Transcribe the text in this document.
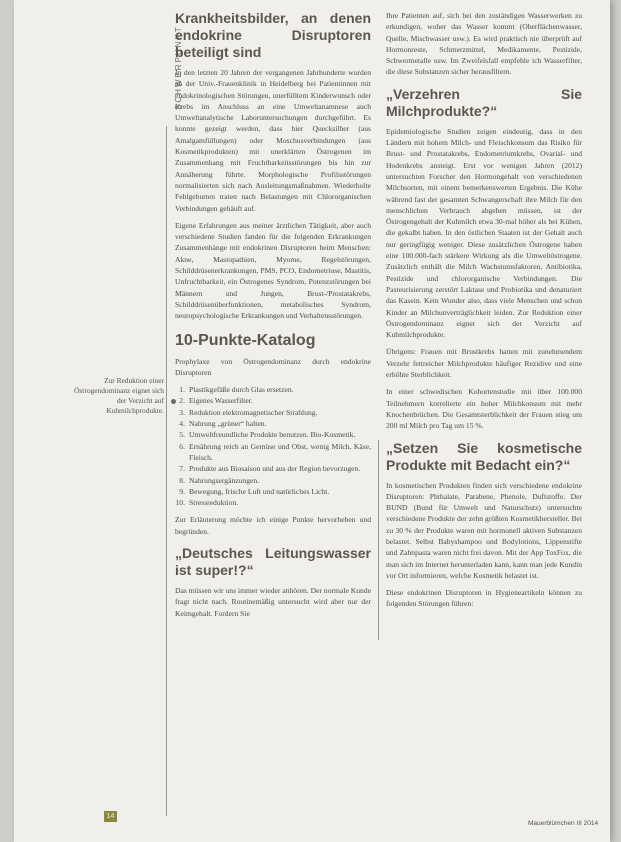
SCHWERPUNKT
Zur Reduktion einer Östrogendominanz eignet sich der Verzicht auf Kuhmilchprodukte.
Krankheitsbilder, an denen endokrine Disruptoren beteiligt sind

In den letzten 20 Jahren der vergangenen Jahrhunderte wurden an der Univ.-Frauenklinik in Heidelberg bei Patientinnen mit endokrinologischen Störungen, unerfülltem Kinderwunsch oder Krebs im Anschluss an eine Umweltanamnese auch Umweltanalytische Laboruntersuchungen durchgeführt. Es konnte gezeigt werden, dass hier Quecksilber (aus Amalgamfüllungen) oder Moschusverbindungen (aus Kosmetikprodukten) mit unerklärten Östrogenen im Zusammenhang mit Fruchtbarkeitsstörungen bis hin zur Annäherung führte. Morphologische Profilsstörungen normalisierten sich nach Ausleitungsmaßnahmen. Wiederholte Fehlgeburten traten nach Belastungen mit Chlororganischen Verbindungen gehäuft auf.

Eigene Erfahrungen aus meiner ärztlichen Tätigkeit, aber auch verschiedene Studien fanden für die folgenden Erkrankungen Zusammenhänge mit endokrinen Disruptoren beim Menschen: Akne, Mastopathien, Myome, Regelstörungen, Schilddrüsenerkrankungen, PMS, PCO, Endometriose, Mastitis, Unfruchtbarkeit, ein Östrogenes Syndrom, Potenzstörungen bei Männern und Jungen, Brust-/Prostatakrebs, Schilddrüsenüberfunktionen, metabolisches Syndrom, neuropsychologische Erkrankungen und Verhaltensstörungen.

10-Punkte-Katalog

Prophylaxe von Östrogendominanz durch endokrine Disruptoren

1. Plastikgefäße durch Glas ersetzen.
2. Eigenes Wasserfilter.
3. Reduktion elektromagnetischer Strahlung.
4. Nahrung „grüner“ halten.
5. Umweltfreundliche Produkte benutzen. Bio-Kosmetik.
6. Ernährung reich an Gemüse und Obst, wenig Milch, Käse, Fleisch.
7. Produkte aus Biosaison und aus der Region bevorzugen.
8. Nahrungsergänzungen.
9. Bewegung, frische Luft und natürliches Licht.
10. Stressreduktion.

Zur Erläuterung möchte ich einige Punkte hervorheben und begründen.

„Deutsches Leitungswasser ist super!?“

Das müssen wir uns immer wieder anhören. Der normale Kunde fragt nicht nach. Routinemäßig untersucht wird aber nur der Keimgehalt. Fordern Sie

Ihre Patienten auf, sich bei den zuständigen Wasserwerken zu erkundigen, woher das Wasser kommt (Oberflächenwasser, Quelle, Mischwasser usw.). Es wird praktisch nie überprüft auf Hormonreste, Schmerzmittel, Medikamente, Pestizide, Schwermetalle usw. Im Zweifelsfall empfehle ich Wasserfilter, die diese Substanzen sicher herausfiltern.

„Verzehren Sie Milchprodukte?“

Epidemiologische Studien zeigen eindeutig, dass in den Ländern mit hohem Milch- und Fleischkonsum das Risiko für Brust- und Prostatakrebs, Endometriumkrebs, Ovarial- und Hodenkrebs ansteigt. Erst vor wenigen Jahren (2012) untersuchten Forscher den Hormongehalt von verschiedenen Milchsorten, mit einem bemerkenswerten Ergebnis. Die Kühe während fast der gesamten Schwangerschaft ihre Milch für den menschlichen Verbrauch abgeben müssen, ist der Östrogengehalt der Kuhmilch etwa 30-mal höher als bei Kühen, die gekalbt haben. In den östlichen Staaten ist der Gehalt auch nur geringfügig weniger. Diese zusätzlichen Östrogene haben eine 100.000-fach stärkere Wirkung als die Umweltöstrogene. Zusätzlich enthält die Milch Wachstumsfaktoren, Antibiotika, Pestizide und chlororganische Verbindungen. Die Pasteurisierung zerstört Laktase und Probiotika und denaturiert das Kasein. Kein Wunder also, dass viele Menschen und schon Kinder an Milchunverträglichkeit leiden. Zur Reduktion einer Östrogendominanz eignet sich der Verzicht auf Kuhmilchprodukte.

Übrigens: Frauen mit Brustkrebs hatten mit zunehmendem Verzehr fettreicher Milchprodukte häufiger Rezidive und eine erhöhte Sterblichkeit.

In einer schwedischen Kohortenstudie mit über 100.000 Teilnehmern korrelierte ein hoher Milchkonsum mit mehr Knochenbrüchen. Die Gesamtsterblichkeit der Frauen stieg um 200 ml Milch pro Tag um 15 %.

„Setzen Sie kosmetische Produkte mit Bedacht ein?“

In kosmetischen Produkten finden sich verschiedene endokrine Disruptoren: Phthalate, Parabene, Phenole, Duftstoffe. Der BUND (Bund für Umwelt und Naturschutz) untersuchte verschiedene Produkte der zehn größten Kosmetikhersteller. Bei zu 30 % der Produkte waren mit hormonell aktiven Substanzen belastet. Selbst Babyshampoo und Bodylotions, Lippenstifte und Zahnpasta waren nicht frei davon. Mit der App ToxFox, die man sich im Internet herunterladen kann, kann man jede Kundin vor Ort informieren, welche Kosmetik belastet ist.

Diese endokrinen Disruptoren in Hygieneartikeln können zu folgenden Störungen führen:

14
Mauerblümchen III 2014
